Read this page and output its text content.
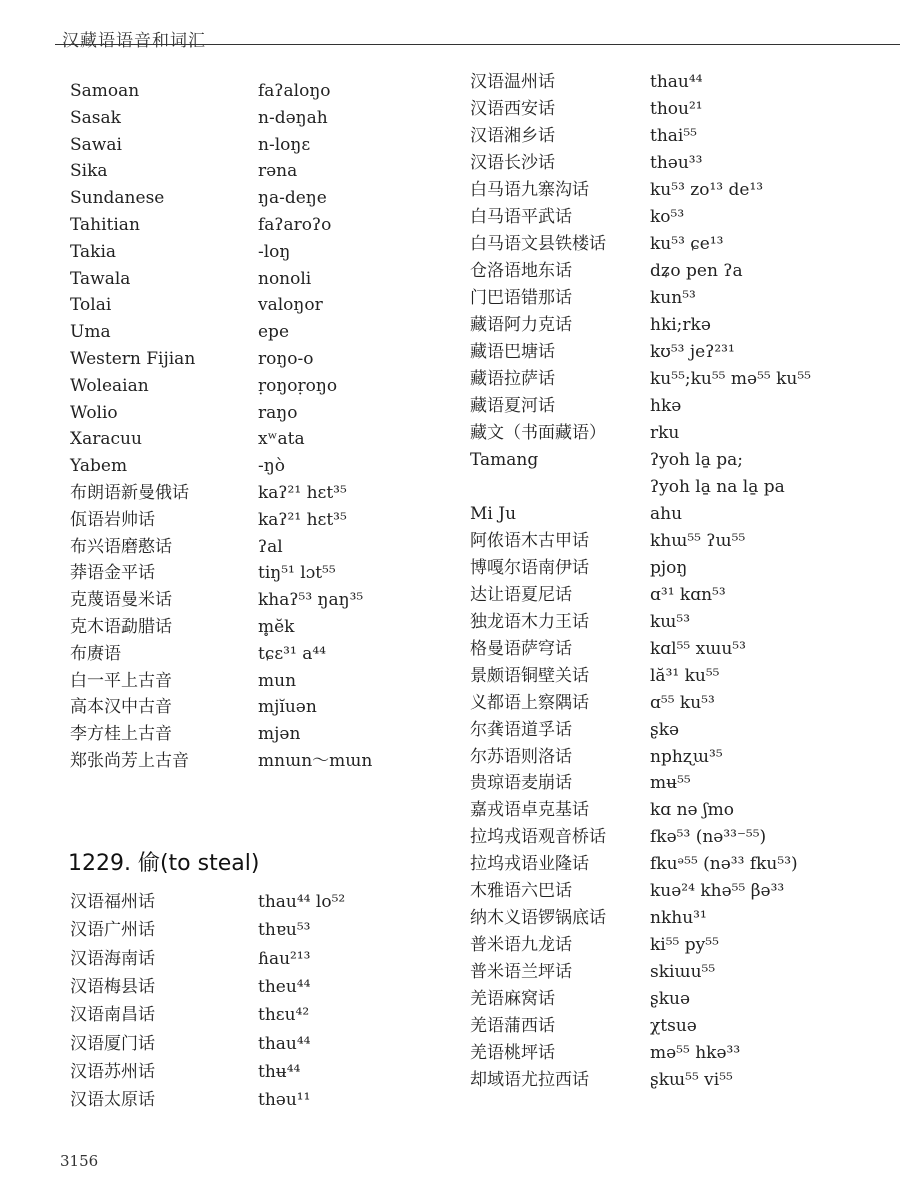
汉藏语语音和词汇
Samoan	faʔaloŋo
Sasak	n-dəŋah
Sawai	n-loŋɛ
Sika	rəna
Sundanese	ŋa-deŋe
Tahitian	faʔaroʔo
Takia	-loŋ
Tawala	nonoli
Tolai	valoŋor
Uma	epe
Western Fijian	roŋo-o
Woleaian	ṛoŋoṛoŋo
Wolio	raŋo
Xaracuu	xʷata
Yabem	-ŋò
布朗语新曼俄话	kaʔ²¹ hɛt³⁵
佤语岩帅话	kaʔ²¹ hɛt³⁵
布兴语磨憨话	ʔal
莽语金平话	tiŋ⁵¹ lɔt⁵⁵
克蔑语曼米话	khaʔ⁵³ ŋaŋ³⁵
克木语勐腊话	m̥ĕk
布赓语	tɕɛ³¹ a⁴⁴
白一平上古音	mun
高本汉中古音	mjĭuən
李方桂上古音	mjən
郑张尚芳上古音	mnɯn～mɯn
汉语福州话	thau⁴⁴ lo⁵²
汉语广州话	thɐu⁵³
汉语海南话	ɦau²¹³
汉语梅县话	theu⁴⁴
汉语南昌话	thɛu⁴²
汉语厦门话	thau⁴⁴
汉语苏州话	thʉ⁴⁴
汉语太原话	thəu¹¹
汉语温州话	thau⁴⁴
汉语西安话	thou²¹
汉语湘乡话	thai⁵⁵
汉语长沙话	thəu³³
白马语九寨沟话	ku⁵³ zo¹³ de¹³
白马语平武话	ko⁵³
白马语文县铁楼话	ku⁵³ ɕe¹³
仓洛语地东话	dʑo pen ʔa
门巴语错那话	kun⁵³
藏语阿力克话	hki;rkə
藏语巴塘话	kʊ⁵³ jeʔ²³¹
藏语拉萨话	ku⁵⁵;ku⁵⁵ mə⁵⁵ ku⁵⁵
藏语夏河话	hkə
藏文（书面藏语）	rku
Tamang	ʔyoh la̱ pa;
ʔyoh la̱ na la̱ pa
Mi Ju	ahu
阿侬语木古甲话	khɯ⁵⁵ ʔɯ⁵⁵
博嘎尔语南伊话	pjoŋ
达让语夏尼话	ɑ³¹ kɑn⁵³
独龙语木力王话	kɯ⁵³
格曼语萨穹话	kɑl⁵⁵ xɯu⁵³
景颇语铜壁关话	lă³¹ ku⁵⁵
义都语上察隅话	ɑ⁵⁵ ku⁵³
尔龚语道孚话	ʂkə
尔苏语则洛话	nphʐɯ³⁵
贵琼语麦崩话	mʉ⁵⁵
嘉戎语卓克基话	kɑ nə ʃmo
拉坞戎语观音桥话	fkə⁵³ (nə³³⁻⁵⁵)
拉坞戎语业隆话	fkuᵊ⁵⁵ (nə³³ fku⁵³)
木雅语六巴话	kuə²⁴ khə⁵⁵ βə³³
纳木义语锣锅底话	nkhu³¹
普米语九龙话	ki⁵⁵ py⁵⁵
普米语兰坪话	skiɯu⁵⁵
羌语麻窝话	ʂkuə
羌语蒲西话	χtsuə
羌语桃坪话	mə⁵⁵ hkə³³
却域语尤拉西话	ʂkɯ⁵⁵ vi⁵⁵
1229. 偷(to steal)
3156
